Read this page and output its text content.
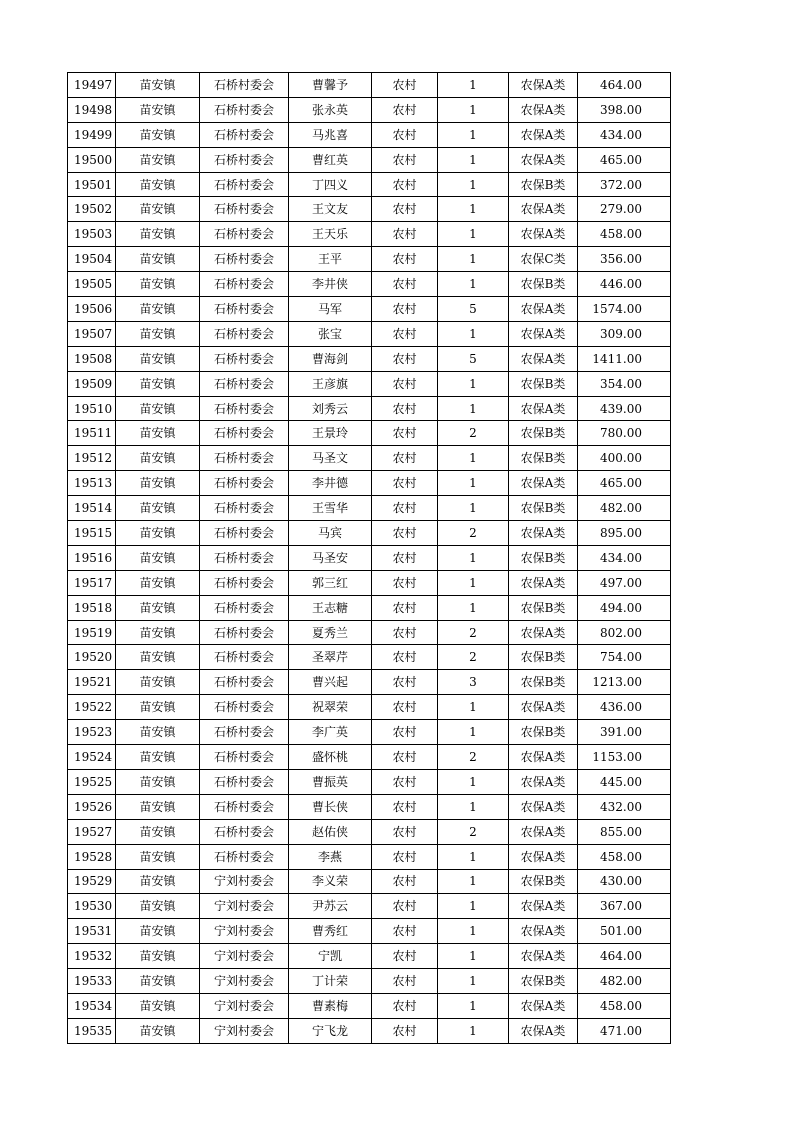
19497	苗安镇	石桥村委会	曹馨予	农村	1	农保A类	464.00
19498	苗安镇	石桥村委会	张永英	农村	1	农保A类	398.00
19499	苗安镇	石桥村委会	马兆喜	农村	1	农保A类	434.00
19500	苗安镇	石桥村委会	曹红英	农村	1	农保A类	465.00
19501	苗安镇	石桥村委会	丁四义	农村	1	农保B类	372.00
19502	苗安镇	石桥村委会	王文友	农村	1	农保A类	279.00
19503	苗安镇	石桥村委会	王天乐	农村	1	农保A类	458.00
19504	苗安镇	石桥村委会	王平	农村	1	农保C类	356.00
19505	苗安镇	石桥村委会	李井侠	农村	1	农保B类	446.00
19506	苗安镇	石桥村委会	马军	农村	5	农保A类	1574.00
19507	苗安镇	石桥村委会	张宝	农村	1	农保A类	309.00
19508	苗安镇	石桥村委会	曹海剑	农村	5	农保A类	1411.00
19509	苗安镇	石桥村委会	王彦旗	农村	1	农保B类	354.00
19510	苗安镇	石桥村委会	刘秀云	农村	1	农保A类	439.00
19511	苗安镇	石桥村委会	王景玲	农村	2	农保B类	780.00
19512	苗安镇	石桥村委会	马圣文	农村	1	农保B类	400.00
19513	苗安镇	石桥村委会	李井德	农村	1	农保A类	465.00
19514	苗安镇	石桥村委会	王雪华	农村	1	农保B类	482.00
19515	苗安镇	石桥村委会	马宾	农村	2	农保A类	895.00
19516	苗安镇	石桥村委会	马圣安	农村	1	农保B类	434.00
19517	苗安镇	石桥村委会	郭三红	农村	1	农保A类	497.00
19518	苗安镇	石桥村委会	王志糖	农村	1	农保B类	494.00
19519	苗安镇	石桥村委会	夏秀兰	农村	2	农保A类	802.00
19520	苗安镇	石桥村委会	圣翠芹	农村	2	农保B类	754.00
19521	苗安镇	石桥村委会	曹兴起	农村	3	农保B类	1213.00
19522	苗安镇	石桥村委会	祝翠荣	农村	1	农保A类	436.00
19523	苗安镇	石桥村委会	李广英	农村	1	农保B类	391.00
19524	苗安镇	石桥村委会	盛怀桃	农村	2	农保A类	1153.00
19525	苗安镇	石桥村委会	曹振英	农村	1	农保A类	445.00
19526	苗安镇	石桥村委会	曹长侠	农村	1	农保A类	432.00
19527	苗安镇	石桥村委会	赵佑侠	农村	2	农保A类	855.00
19528	苗安镇	石桥村委会	李燕	农村	1	农保A类	458.00
19529	苗安镇	宁刘村委会	李义荣	农村	1	农保B类	430.00
19530	苗安镇	宁刘村委会	尹苏云	农村	1	农保A类	367.00
19531	苗安镇	宁刘村委会	曹秀红	农村	1	农保A类	501.00
19532	苗安镇	宁刘村委会	宁凯	农村	1	农保A类	464.00
19533	苗安镇	宁刘村委会	丁计荣	农村	1	农保B类	482.00
19534	苗安镇	宁刘村委会	曹素梅	农村	1	农保A类	458.00
19535	苗安镇	宁刘村委会	宁飞龙	农村	1	农保A类	471.00
